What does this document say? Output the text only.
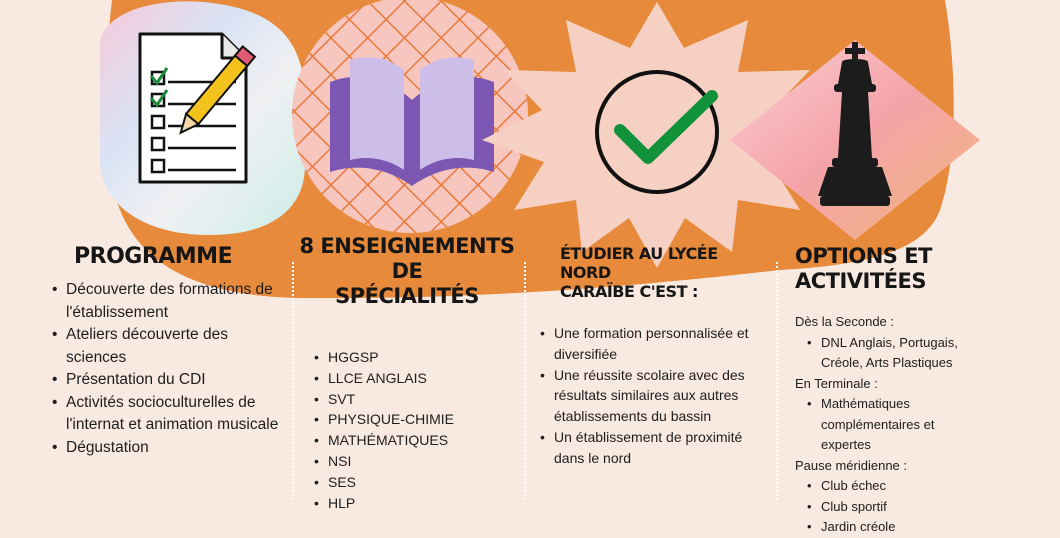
PROGRAMME
• Découverte des formations de l'établissement
• Ateliers découverte des sciences
• Présentation du CDI
• Activités socioculturelles de l'internat et animation musicale
• Dégustation
8 ENSEIGNEMENTS DE
SPÉCIALITÉS
• HGGSP
• LLCE ANGLAIS
• SVT
• PHYSIQUE-CHIMIE
• MATHÉMATIQUES
• NSI
• SES
• HLP
ÉTUDIER AU LYCÉE NORD
CARAÏBE C'EST :
• Une formation personnalisée et diversifiée
• Une réussite scolaire avec des résultats similaires aux autres établissements du bassin
• Un établissement de proximité dans le nord
OPTIONS ET ACTIVITÉES
Dès la Seconde :
• DNL Anglais, Portugais, Créole, Arts Plastiques
En Terminale :
• Mathématiques complémentaires et expertes
Pause méridienne :
• Club échec
• Club sportif
• Jardin créole
